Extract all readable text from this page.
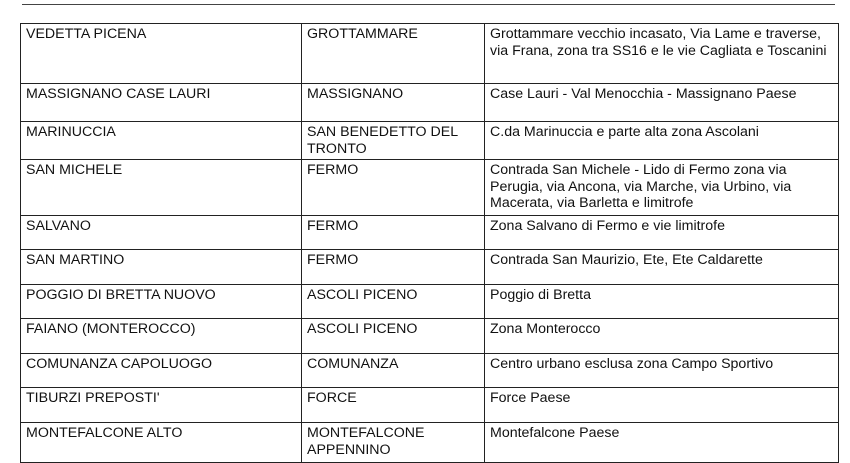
VEDETTA PICENA	GROTTAMMARE	Grottammare vecchio incasato, Via Lame e traverse, via Frana, zona tra SS16 e le vie Cagliata e Toscanini
MASSIGNANO CASE LAURI	MASSIGNANO	Case Lauri - Val Menocchia - Massignano Paese
MARINUCCIA	SAN BENEDETTO DEL TRONTO	C.da Marinuccia e parte alta zona Ascolani
SAN MICHELE	FERMO	Contrada San Michele - Lido di Fermo zona via Perugia, via Ancona, via Marche, via Urbino, via Macerata, via Barletta e limitrofe
SALVANO	FERMO	Zona Salvano di Fermo e vie limitrofe
SAN MARTINO	FERMO	Contrada San Maurizio, Ete, Ete Caldarette
POGGIO DI BRETTA NUOVO	ASCOLI PICENO	Poggio di Bretta
FAIANO (MONTEROCCO)	ASCOLI PICENO	Zona Monterocco
COMUNANZA CAPOLUOGO	COMUNANZA	Centro urbano esclusa zona Campo Sportivo
TIBURZI PREPOSTI'	FORCE	Force Paese
MONTEFALCONE ALTO	MONTEFALCONE APPENNINO	Montefalcone Paese
